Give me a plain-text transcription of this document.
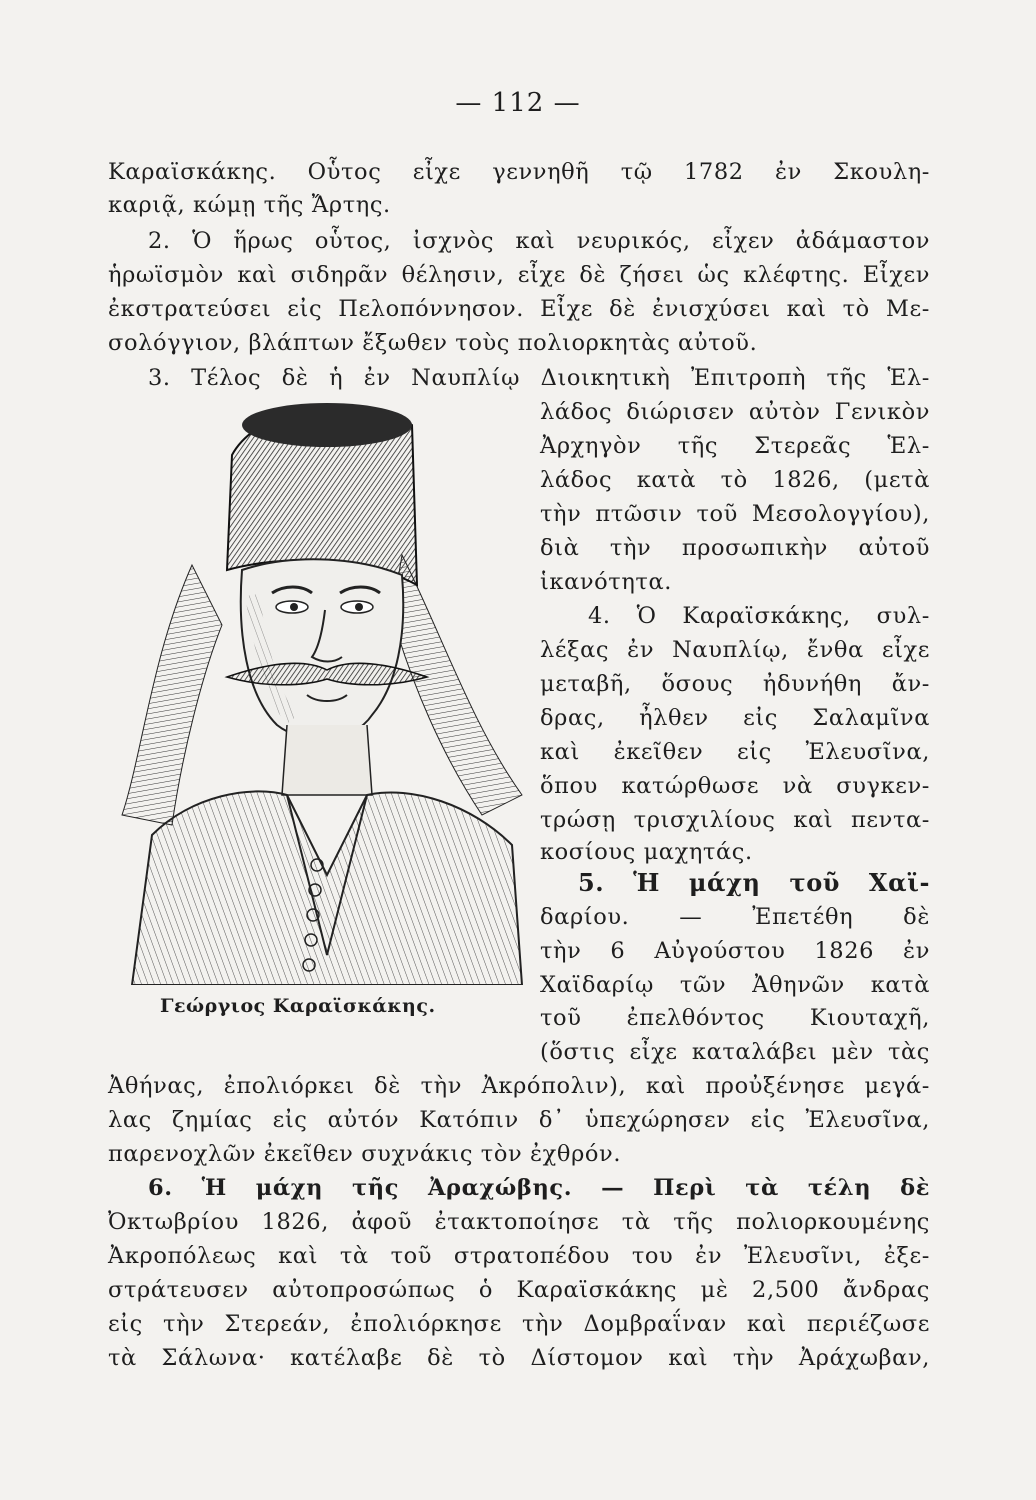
— 112 —
Καραϊσκάκης. Οὗτος εἶχε γεννηθῆ τῷ 1782 ἐν Σκουλη-
καριᾷ, κώμῃ τῆς Ἄρτης.
2. Ὁ ἥρως οὗτος, ἰσχνὸς καὶ νευρικός, εἶχεν ἀδάμαστον
ἡρωϊσμὸν καὶ σιδηρᾶν θέλησιν, εἶχε δὲ ζήσει ὡς κλέφτης. Εἶχεν
ἐκστρατεύσει εἰς Πελοπόννησον. Εἶχε δὲ ἐνισχύσει καὶ τὸ Με-
σολόγγιον, βλάπτων ἔξωθεν τοὺς πολιορκητὰς αὐτοῦ.
3. Τέλος δὲ ἡ ἐν Ναυπλίῳ Διοικητικὴ Ἐπιτροπὴ τῆς Ἑλ-
λάδος διώρισεν αὐτὸν Γενικὸν
Ἀρχηγὸν τῆς Στερεᾶς Ἑλ-
λάδος κατὰ τὸ 1826, (μετὰ
τὴν πτῶσιν τοῦ Μεσολογγίου),
διὰ τὴν προσωπικὴν αὐτοῦ
ἱκανότητα.
4. Ὁ Καραϊσκάκης, συλ-
λέξας ἐν Ναυπλίῳ, ἔνθα εἶχε
μεταβῆ, ὅσους ἠδυνήθη ἄν-
δρας, ἦλθεν εἰς Σαλαμῖνα
καὶ ἐκεῖθεν εἰς Ἐλευσῖνα,
ὅπου κατώρθωσε νὰ συγκεν-
τρώσῃ τρισχιλίους καὶ πεντα-
κοσίους μαχητάς.
5. Ἡ μάχη τοῦ Χαϊ-
δαρίου. — Ἐπετέθη δὲ
τὴν 6 Αὐγούστου 1826 ἐν
Χαϊδαρίῳ τῶν Ἀθηνῶν κατὰ
τοῦ ἐπελθόντος Κιουταχῆ,
(ὅστις εἶχε καταλάβει μὲν τὰς
Ἀθήνας, ἐπολιόρκει δὲ τὴν Ἀκρόπολιν), καὶ προὐξένησε μεγά-
λας ζημίας εἰς αὐτόν Κατόπιν δ᾽ ὑπεχώρησεν εἰς Ἐλευσῖνα,
παρενοχλῶν ἐκεῖθεν συχνάκις τὸν ἐχθρόν.
6. Ἡ μάχη τῆς Ἀραχώβης. — Περὶ τὰ τέλη δὲ
Ὀκτωβρίου 1826, ἀφοῦ ἐτακτοποίησε τὰ τῆς πολιορκουμένης
Ἀκροπόλεως καὶ τὰ τοῦ στρατοπέδου του ἐν Ἐλευσῖνι, ἐξε-
στράτευσεν αὐτοπροσώπως ὁ Καραϊσκάκης μὲ 2,500 ἄνδρας
εἰς τὴν Στερεάν, ἐπολιόρκησε τὴν Δομβραΐναν καὶ περιέζωσε
τὰ Σάλωνα· κατέλαβε δὲ τὸ Δίστομον καὶ τὴν Ἀράχωβαν,
Γεώργιος Καραϊσκάκης.
